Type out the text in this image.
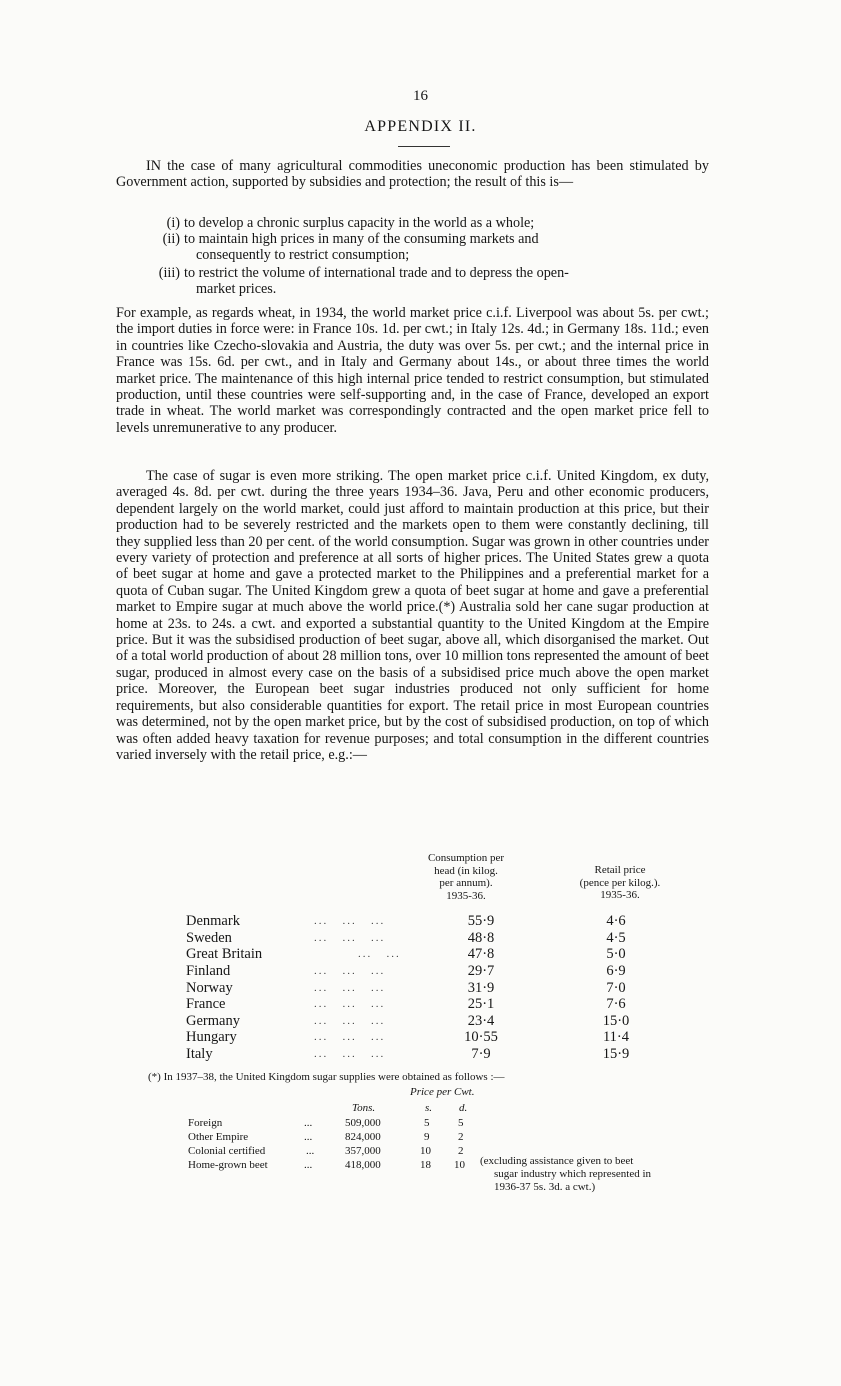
16
APPENDIX II.

IN the case of many agricultural commodities uneconomic production has been stimulated by Government action, supported by subsidies and protection; the result of this is—

(i) to develop a chronic surplus capacity in the world as a whole;
(ii) to maintain high prices in many of the consuming markets and
consequently to restrict consumption;
(iii) to restrict the volume of international trade and to depress the open-
market prices.

For example, as regards wheat, in 1934, the world market price c.i.f. Liverpool was about 5s. per cwt.; the import duties in force were: in France 10s. 1d. per cwt.; in Italy 12s. 4d.; in Germany 18s. 11d.; even in countries like Czecho-slovakia and Austria, the duty was over 5s. per cwt.; and the internal price in France was 15s. 6d. per cwt., and in Italy and Germany about 14s., or about three times the world market price. The maintenance of this high internal price tended to restrict consumption, but stimulated production, until these countries were self-supporting and, in the case of France, developed an export trade in wheat. The world market was correspondingly contracted and the open market price fell to levels unremunerative to any producer.

The case of sugar is even more striking. The open market price c.i.f. United Kingdom, ex duty, averaged 4s. 8d. per cwt. during the three years 1934–36. Java, Peru and other economic producers, dependent largely on the world market, could just afford to maintain production at this price, but their production had to be severely restricted and the markets open to them were constantly declining, till they supplied less than 20 per cent. of the world consumption. Sugar was grown in other countries under every variety of protection and preference at all sorts of higher prices. The United States grew a quota of beet sugar at home and gave a protected market to the Philippines and a preferential market for a quota of Cuban sugar. The United Kingdom grew a quota of beet sugar at home and gave a preferential market to Empire sugar at much above the world price.(*) Australia sold her cane sugar production at home at 23s. to 24s. a cwt. and exported a substantial quantity to the United Kingdom at the Empire price. But it was the subsidised production of beet sugar, above all, which disorganised the market. Out of a total world production of about 28 million tons, over 10 million tons represented the amount of beet sugar, produced in almost every case on the basis of a subsidised price much above the open market price. Moreover, the European beet sugar industries produced not only sufficient for home requirements, but also considerable quantities for export. The retail price in most European countries was determined, not by the open market price, but by the cost of subsidised production, on top of which was often added heavy taxation for revenue purposes; and total consumption in the different countries varied inversely with the retail price, e.g.:—

Consumption per
head (in kilog.
per annum).
1935-36.
Retail price
(pence per kilog.).
1935-36.
Denmark	...   ...   ...	55·9	4·6
Sweden	...   ...   ...	48·8	4·5
Great Britain	...   ...	47·8	5·0
Finland	...   ...   ...	29·7	6·9
Norway	...   ...   ...	31·9	7·0
France	...   ...   ...	25·1	7·6
Germany	...   ...   ...	23·4	15·0
Hungary	...   ...   ...	10·55	11·4
Italy	...   ...   ...	7·9	15·9
(*) In 1937–38, the United Kingdom sugar supplies were obtained as follows :—
Price per Cwt.
Tons.	s. d.
Foreign	...	509,000	5	5
Other Empire	...	824,000	9	2
Colonial certified	...	357,000	10 2
Home-grown beet	...	418,000	18 10 (excluding assistance given to beet
sugar industry which represented in
1936-37 5s. 3d. a cwt.)
